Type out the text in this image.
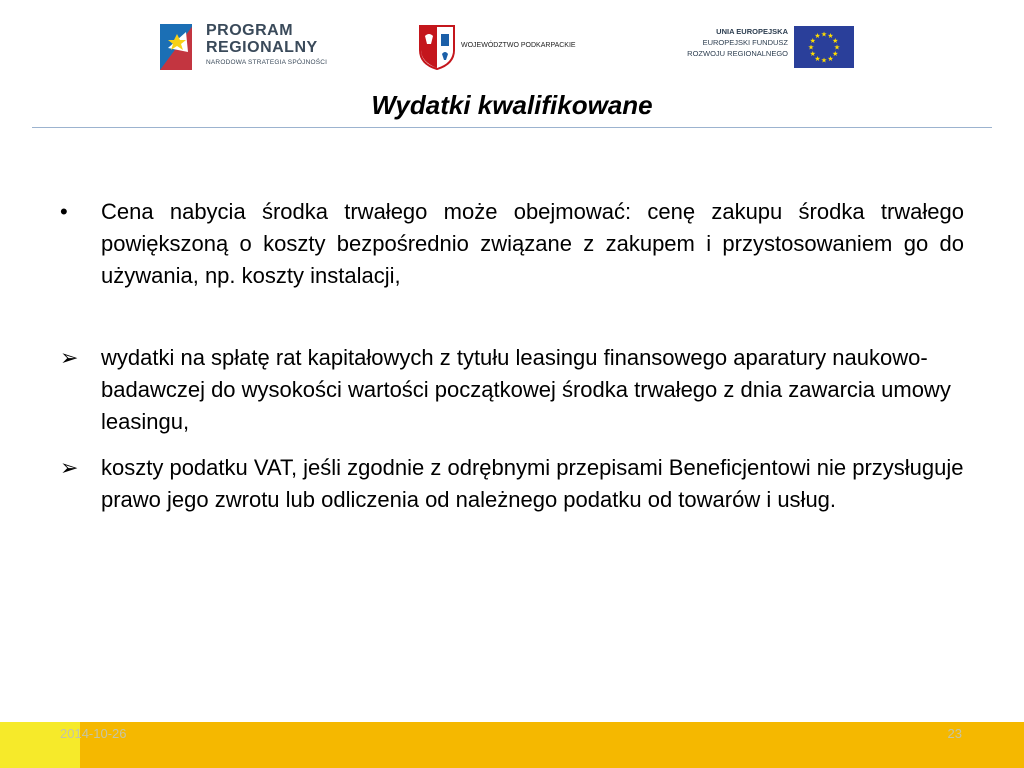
PROGRAM
REGIONALNY
NARODOWA STRATEGIA SPÓJNOŚCI
WOJEWÓDZTWO PODKARPACKIE
UNIA EUROPEJSKA
EUROPEJSKI FUNDUSZ
ROZWOJU REGIONALNEGO
★ ★
★
★
★
★
★
★
★
★
★
★
Wydatki kwalifikowane
• Cena nabycia środka trwałego może obejmować: cenę zakupu środka trwałego powiększoną o koszty bezpośrednio związane z zakupem i przystosowaniem go do używania, np. koszty instalacji,
➢ wydatki na spłatę rat kapitałowych z tytułu leasingu finansowego aparatury naukowo-badawczej do wysokości wartości początkowej środka trwałego z dnia zawarcia umowy leasingu,
➢ koszty podatku VAT, jeśli zgodnie z odrębnymi przepisami Beneficjentowi nie przysługuje prawo jego zwrotu lub odliczenia od należnego podatku od towarów i usług.
2014-10-26	23
